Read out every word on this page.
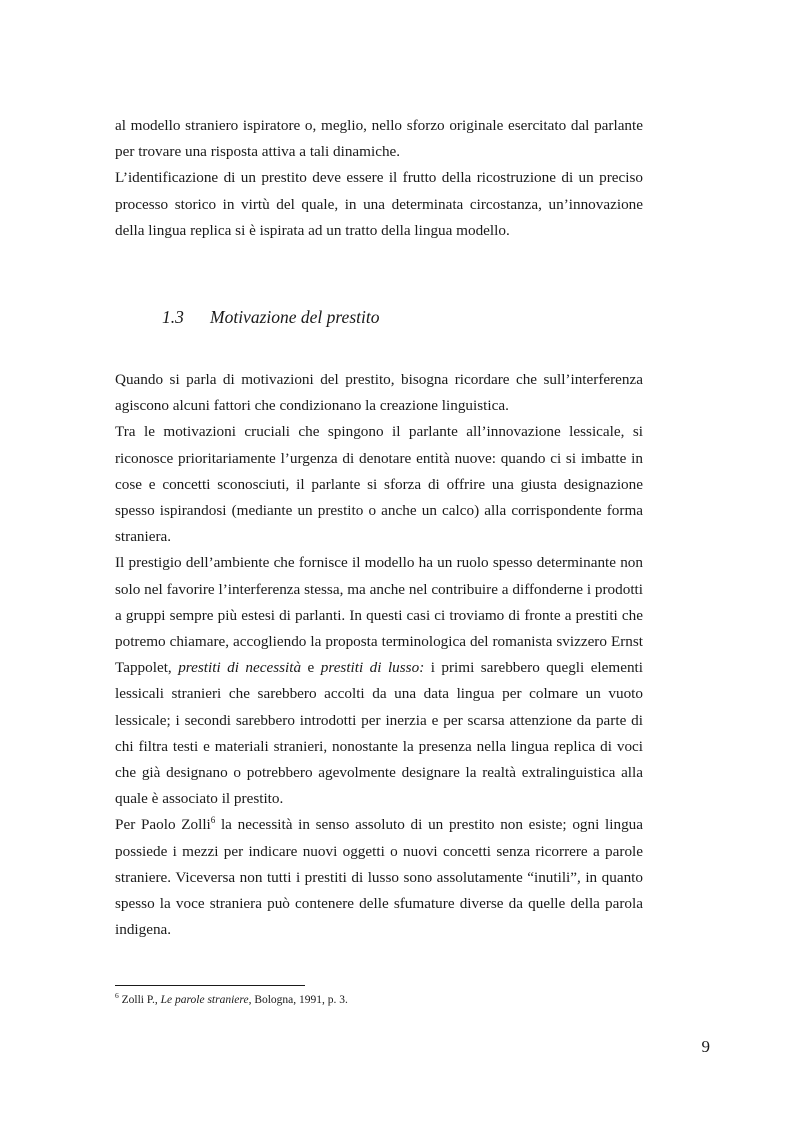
al modello straniero ispiratore o, meglio, nello sforzo originale esercitato dal parlante per trovare una risposta attiva a tali dinamiche.

L’identificazione di un prestito deve essere il frutto della ricostruzione di un preciso processo storico in virtù del quale, in una determinata circostanza, un’innovazione della lingua replica si è ispirata ad un tratto della lingua modello.

1.3 Motivazione del prestito

Quando si parla di motivazioni del prestito, bisogna ricordare che sull’interferenza agiscono alcuni fattori che condizionano la creazione linguistica.

Tra le motivazioni cruciali che spingono il parlante all’innovazione lessicale, si riconosce prioritariamente l’urgenza di denotare entità nuove: quando ci si imbatte in cose e concetti sconosciuti, il parlante si sforza di offrire una giusta designazione spesso ispirandosi (mediante un prestito o anche un calco) alla corrispondente forma straniera.

Il prestigio dell’ambiente che fornisce il modello ha un ruolo spesso determinante non solo nel favorire l’interferenza stessa, ma anche nel contribuire a diffonderne i prodotti a gruppi sempre più estesi di parlanti. In questi casi ci troviamo di fronte a prestiti che potremo chiamare, accogliendo la proposta terminologica del romanista svizzero Ernst Tappolet, prestiti di necessità e prestiti di lusso: i primi sarebbero quegli elementi lessicali stranieri che sarebbero accolti da una data lingua per colmare un vuoto lessicale; i secondi sarebbero introdotti per inerzia e per scarsa attenzione da parte di chi filtra testi e materiali stranieri, nonostante la presenza nella lingua replica di voci che già designano o potrebbero agevolmente designare la realtà extralinguistica alla quale è associato il prestito.

Per Paolo Zolli$^6$ la necessità in senso assoluto di un prestito non esiste; ogni lingua possiede i mezzi per indicare nuovi oggetti o nuovi concetti senza ricorrere a parole straniere. Viceversa non tutti i prestiti di lusso sono assolutamente “inutili”, in quanto spesso la voce straniera può contenere delle sfumature diverse da quelle della parola indigena.

$^6$ Zolli P., Le parole straniere, Bologna, 1991, p. 3.
9
